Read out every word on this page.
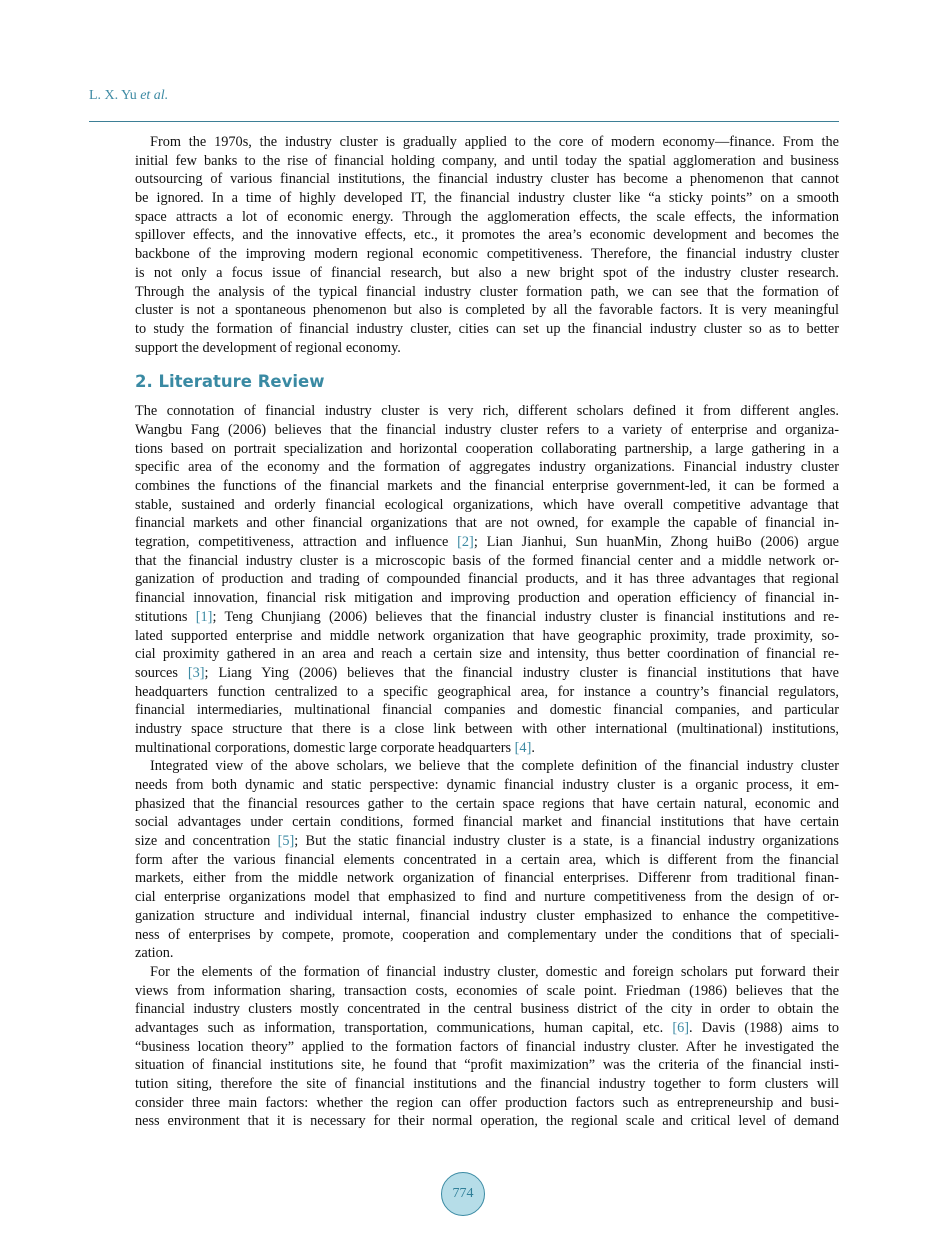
L. X. Yu et al.
From the 1970s, the industry cluster is gradually applied to the core of modern economy—finance. From the
initial few banks to the rise of financial holding company, and until today the spatial agglomeration and business
outsourcing of various financial institutions, the financial industry cluster has become a phenomenon that cannot
be ignored. In a time of highly developed IT, the financial industry cluster like “a sticky points” on a smooth
space attracts a lot of economic energy. Through the agglomeration effects, the scale effects, the information
spillover effects, and the innovative effects, etc., it promotes the area’s economic development and becomes the
backbone of the improving modern regional economic competitiveness. Therefore, the financial industry cluster
is not only a focus issue of financial research, but also a new bright spot of the industry cluster research.
Through the analysis of the typical financial industry cluster formation path, we can see that the formation of
cluster is not a spontaneous phenomenon but also is completed by all the favorable factors. It is very meaningful
to study the formation of financial industry cluster, cities can set up the financial industry cluster so as to better
support the development of regional economy.
2. Literature Review
The connotation of financial industry cluster is very rich, different scholars defined it from different angles.
Wangbu Fang (2006) believes that the financial industry cluster refers to a variety of enterprise and organiza-
tions based on portrait specialization and horizontal cooperation collaborating partnership, a large gathering in a
specific area of the economy and the formation of aggregates industry organizations. Financial industry cluster
combines the functions of the financial markets and the financial enterprise government-led, it can be formed a
stable, sustained and orderly financial ecological organizations, which have overall competitive advantage that
financial markets and other financial organizations that are not owned, for example the capable of financial in-
tegration, competitiveness, attraction and influence [2]; Lian Jianhui, Sun huanMin, Zhong huiBo (2006) argue
that the financial industry cluster is a microscopic basis of the formed financial center and a middle network or-
ganization of production and trading of compounded financial products, and it has three advantages that regional
financial innovation, financial risk mitigation and improving production and operation efficiency of financial in-
stitutions [1]; Teng Chunjiang (2006) believes that the financial industry cluster is financial institutions and re-
lated supported enterprise and middle network organization that have geographic proximity, trade proximity, so-
cial proximity gathered in an area and reach a certain size and intensity, thus better coordination of financial re-
sources [3]; Liang Ying (2006) believes that the financial industry cluster is financial institutions that have
headquarters function centralized to a specific geographical area, for instance a country’s financial regulators,
financial intermediaries, multinational financial companies and domestic financial companies, and particular
industry space structure that there is a close link between with other international (multinational) institutions,
multinational corporations, domestic large corporate headquarters [4].
Integrated view of the above scholars, we believe that the complete definition of the financial industry cluster
needs from both dynamic and static perspective: dynamic financial industry cluster is a organic process, it em-
phasized that the financial resources gather to the certain space regions that have certain natural, economic and
social advantages under certain conditions, formed financial market and financial institutions that have certain
size and concentration [5]; But the static financial industry cluster is a state, is a financial industry organizations
form after the various financial elements concentrated in a certain area, which is different from the financial
markets, either from the middle network organization of financial enterprises. Differenr from traditional finan-
cial enterprise organizations model that emphasized to find and nurture competitiveness from the design of or-
ganization structure and individual internal, financial industry cluster emphasized to enhance the competitive-
ness of enterprises by compete, promote, cooperation and complementary under the conditions that of speciali-
zation.
For the elements of the formation of financial industry cluster, domestic and foreign scholars put forward their
views from information sharing, transaction costs, economies of scale point. Friedman (1986) believes that the
financial industry clusters mostly concentrated in the central business district of the city in order to obtain the
advantages such as information, transportation, communications, human capital, etc. [6]. Davis (1988) aims to
“business location theory” applied to the formation factors of financial industry cluster. After he investigated the
situation of financial institutions site, he found that “profit maximization” was the criteria of the financial insti-
tution siting, therefore the site of financial institutions and the financial industry together to form clusters will
consider three main factors: whether the region can offer production factors such as entrepreneurship and busi-
ness environment that it is necessary for their normal operation, the regional scale and critical level of demand
774
